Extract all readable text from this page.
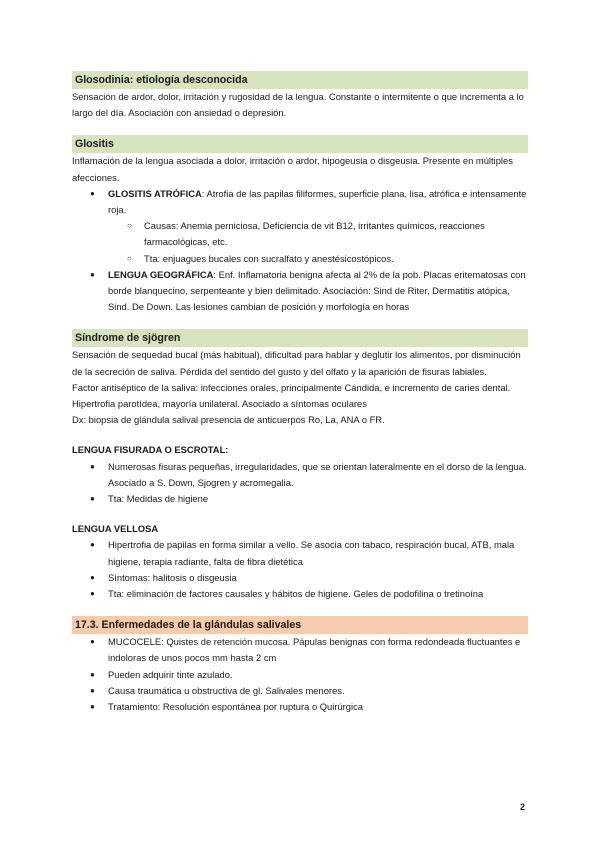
Glosodinia: etiología desconocida

Sensación de ardor, dolor, irritación y rugosidad de la lengua. Constante o intermitente o que incrementa a lo largo del día. Asociación con ansiedad o depresión.

Glositis

Inflamación de la lengua asociada a dolor, irritación o ardor, hipogeusia o disgeusia. Presente en múltiples afecciones.

● GLOSITIS ATRÓFICA: Atrofia de las papilas filiformes, superficie plana, lisa, atrófica e intensamente roja.
○ Causas: Anemia perniciosa, Deficiencia de vit B12, irritantes químicos, reacciones farmacológicas, etc.
○ Tta: enjuagues bucales con sucralfato y anestésicostópicos.
● LENGUA GEOGRÁFICA: Enf. Inflamatoria benigna afecta al 2% de la pob. Placas eritematosas con borde blanquecino, serpenteante y bien delimitado. Asociación: Sind de Riter, Dermatitis atópica, Sind. De Down. Las lesiones cambian de posición y morfología en horas
Síndrome de sjögren

Sensación de sequedad bucal (más habitual), dificultad para hablar y deglutir los alimentos, por disminución de la secreción de saliva. Pérdida del sentido del gusto y del olfato y la aparición de fisuras labiales.

Factor antiséptico de la saliva: infecciones orales, principalmente Cándida, e incremento de caries dental. Hipertrofia parotídea, mayoría unilateral. Asociado a síntomas oculares

Dx: biopsia de glándula salival presencia de anticuerpos Ro, La, ANA o FR.

LENGUA FISURADA O ESCROTAL:

● Numerosas fisuras pequeñas, irregularidades, que se orientan lateralmente en el dorso de la lengua. Asociado a S. Down, Sjogren y acromegalia.
● Tta: Medidas de higiene

LENGUA VELLOSA

● Hipertrofia de papilas en forma similar a vello. Se asocia con tabaco, respiración bucal, ATB, mala higiene, terapia radiante, falta de fibra dietética
● Síntomas: halitosis o disgeusia
● Tta: eliminación de factores causales y hábitos de higiene. Geles de podofilina o tretinoína
17.3. Enfermedades de la glándulas salivales
● MUCOCELE: Quistes de retención mucosa. Pápulas benignas con forma redondeada fluctuantes e indoloras de unos pocos mm hasta 2 cm
● Pueden adquirir tinte azulado.
● Causa traumática u obstructiva de gl. Salivales menores.
● Tratamiento: Resolución espontánea por ruptura o Quirúrgica
2
